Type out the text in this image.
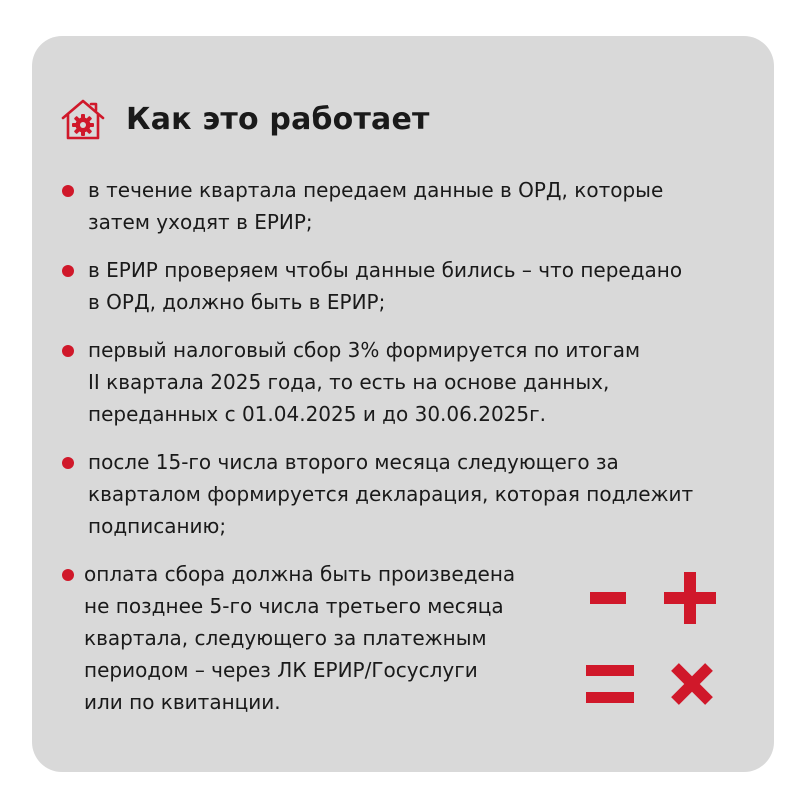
Как это работает
в течение квартала передаем данные в ОРД, которые
затем уходят в ЕРИР;
в ЕРИР проверяем чтобы данные бились – что передано
в ОРД, должно быть в ЕРИР;
первый налоговый сбор 3% формируется по итогам
II квартала 2025 года, то есть на основе данных,
переданных с 01.04.2025 и до 30.06.2025г.
после 15-го числа второго месяца следующего за
кварталом формируется декларация, которая подлежит
подписанию;
оплата сбора должна быть произведена
не позднее 5-го числа третьего месяца
квартала, следующего за платежным
периодом – через ЛК ЕРИР/Госуслуги
или по квитанции.
